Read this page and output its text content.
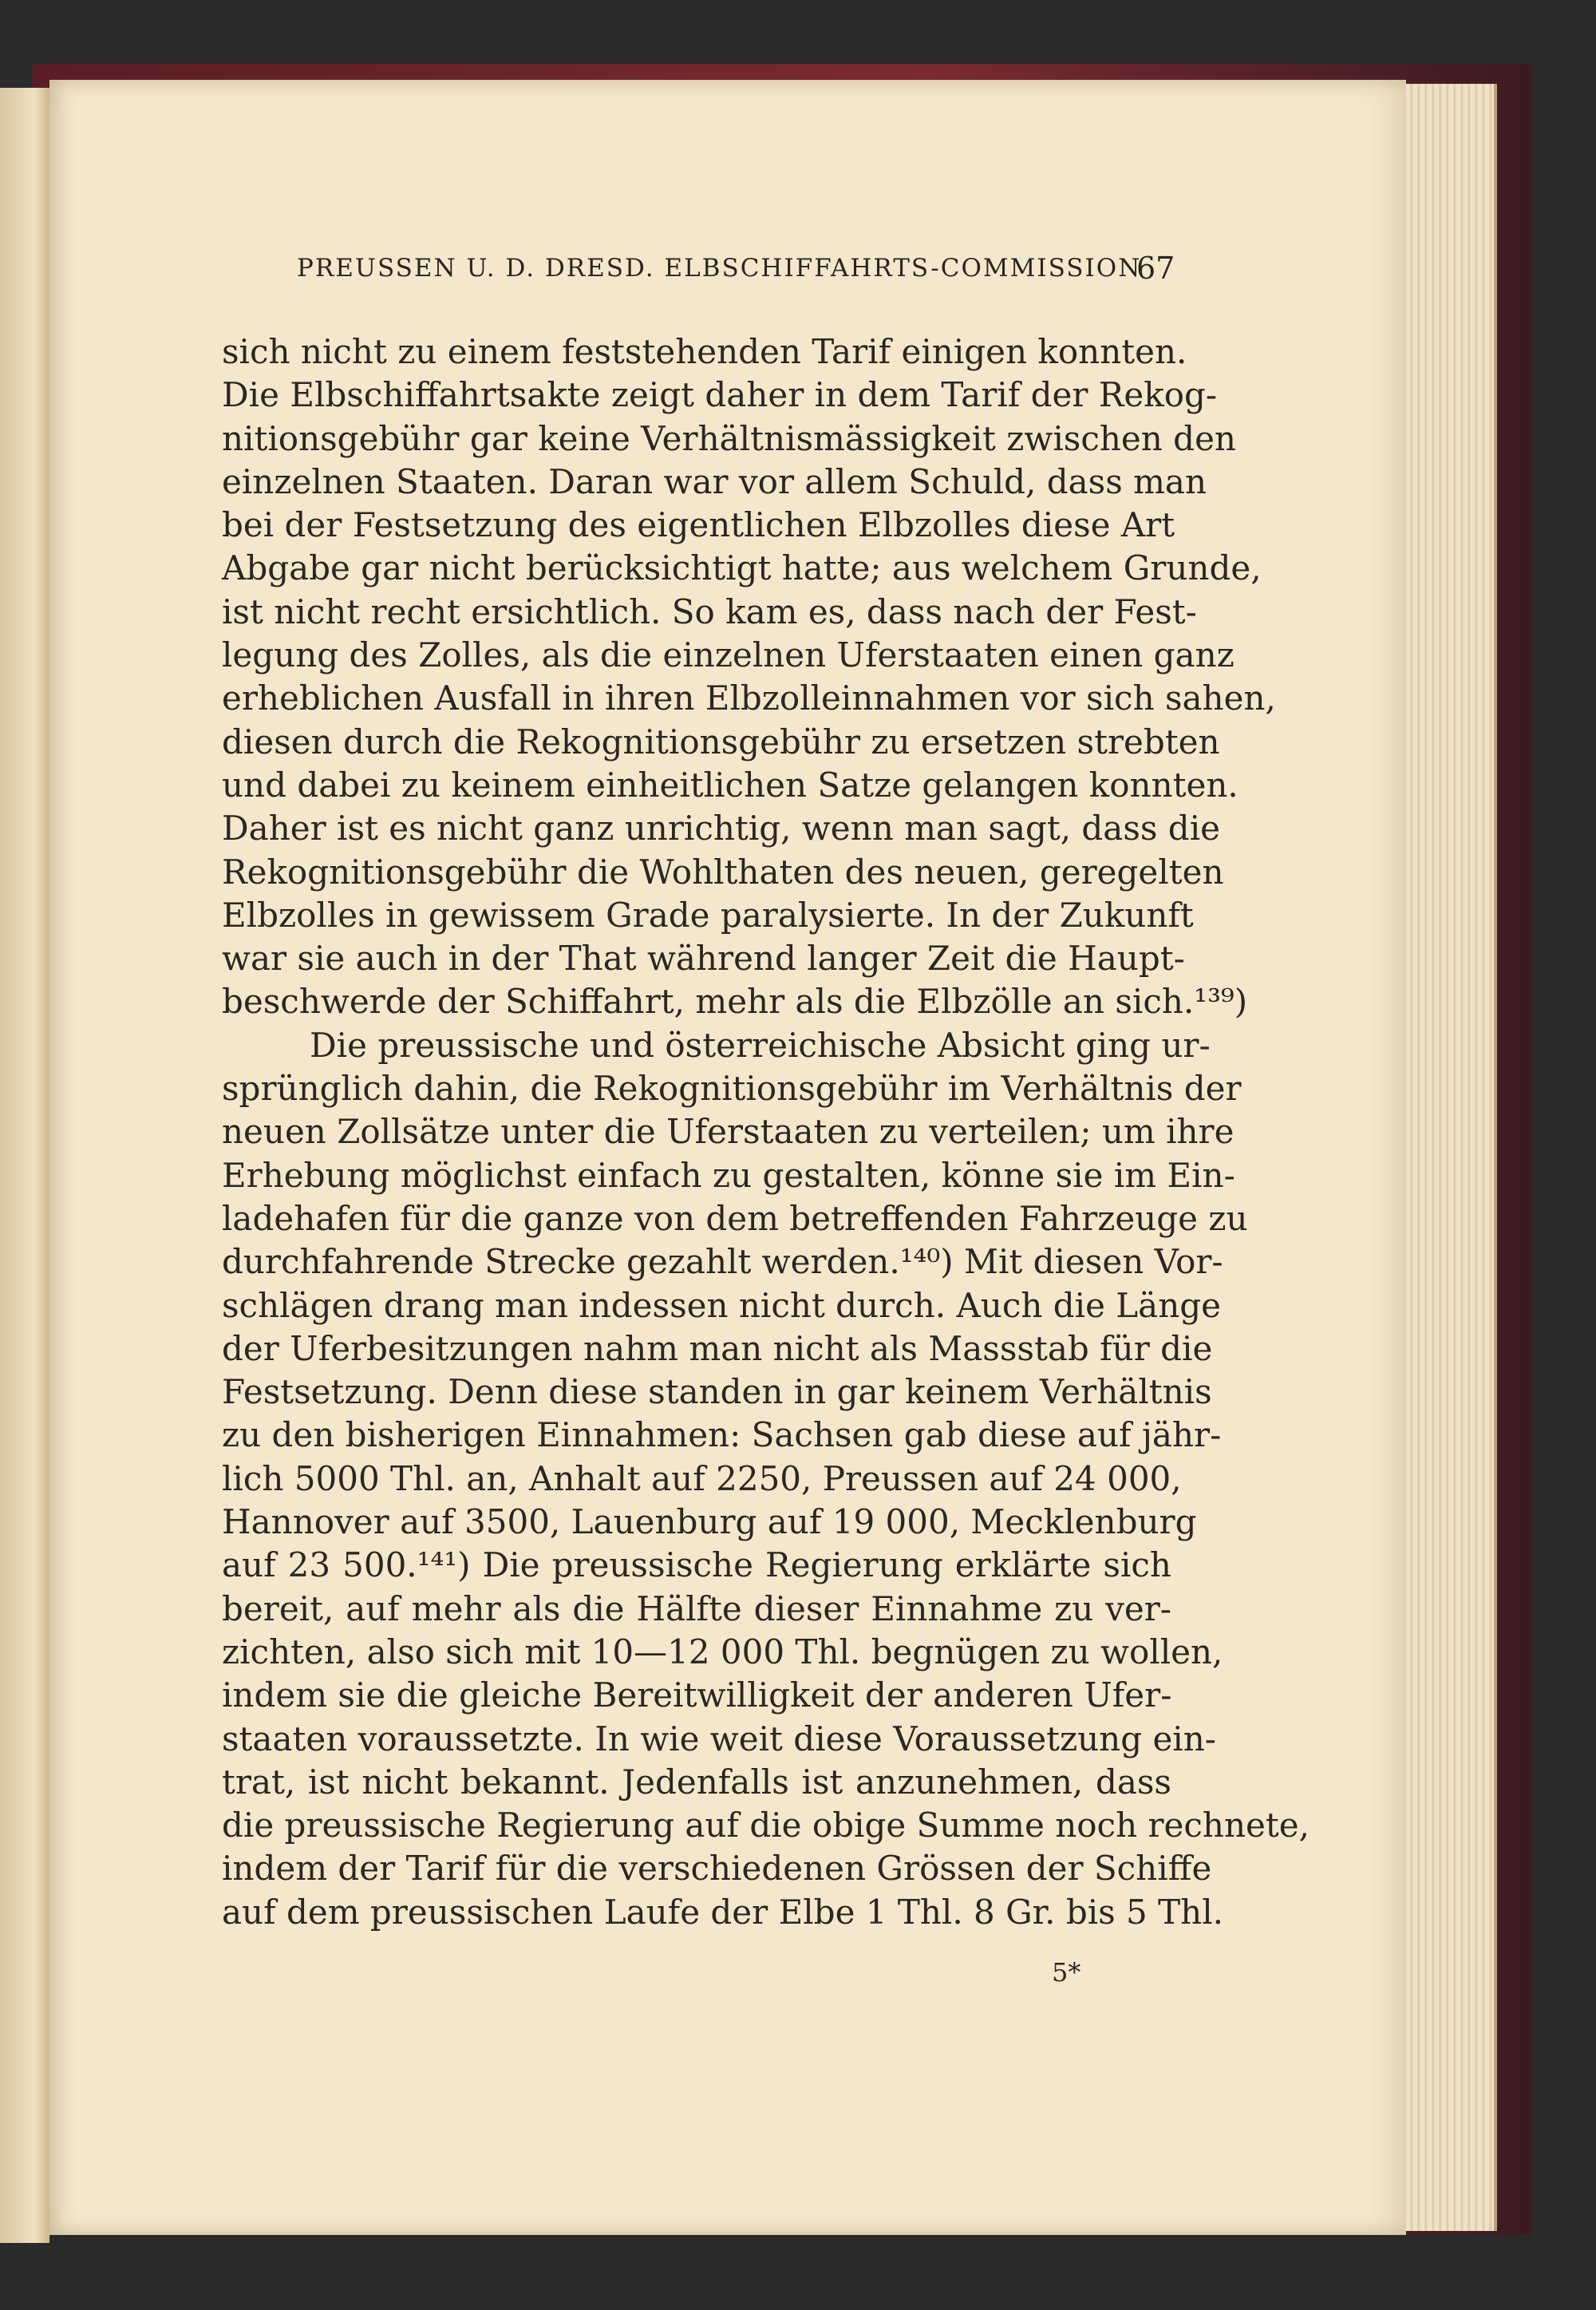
PREUSSEN U. D. DRESD. ELBSCHIFFAHRTS-COMMISSION
67
sich nicht zu einem feststehenden Tarif einigen konnten.
Die Elbschiffahrtsakte zeigt daher in dem Tarif der Rekog-
nitionsgebühr gar keine Verhältnismässigkeit zwischen den
einzelnen Staaten. Daran war vor allem Schuld, dass man
bei der Festsetzung des eigentlichen Elbzolles diese Art
Abgabe gar nicht berücksichtigt hatte; aus welchem Grunde,
ist nicht recht ersichtlich. So kam es, dass nach der Fest-
legung des Zolles, als die einzelnen Uferstaaten einen ganz
erheblichen Ausfall in ihren Elbzolleinnahmen vor sich sahen,
diesen durch die Rekognitionsgebühr zu ersetzen strebten
und dabei zu keinem einheitlichen Satze gelangen konnten.
Daher ist es nicht ganz unrichtig, wenn man sagt, dass die
Rekognitionsgebühr die Wohlthaten des neuen, geregelten
Elbzolles in gewissem Grade paralysierte. In der Zukunft
war sie auch in der That während langer Zeit die Haupt-
beschwerde der Schiffahrt, mehr als die Elbzölle an sich.¹³⁹)
Die preussische und österreichische Absicht ging ur-
sprünglich dahin, die Rekognitionsgebühr im Verhältnis der
neuen Zollsätze unter die Uferstaaten zu verteilen; um ihre
Erhebung möglichst einfach zu gestalten, könne sie im Ein-
ladehafen für die ganze von dem betreffenden Fahrzeuge zu
durchfahrende Strecke gezahlt werden.¹⁴⁰) Mit diesen Vor-
schlägen drang man indessen nicht durch. Auch die Länge
der Uferbesitzungen nahm man nicht als Massstab für die
Festsetzung. Denn diese standen in gar keinem Verhältnis
zu den bisherigen Einnahmen: Sachsen gab diese auf jähr-
lich 5000 Thl. an, Anhalt auf 2250, Preussen auf 24 000,
Hannover auf 3500, Lauenburg auf 19 000, Mecklenburg
auf 23 500.¹⁴¹) Die preussische Regierung erklärte sich
bereit, auf mehr als die Hälfte dieser Einnahme zu ver-
zichten, also sich mit 10—12 000 Thl. begnügen zu wollen,
indem sie die gleiche Bereitwilligkeit der anderen Ufer-
staaten voraussetzte. In wie weit diese Voraussetzung ein-
trat, ist nicht bekannt. Jedenfalls ist anzunehmen, dass
die preussische Regierung auf die obige Summe noch rechnete,
indem der Tarif für die verschiedenen Grössen der Schiffe
auf dem preussischen Laufe der Elbe 1 Thl. 8 Gr. bis 5 Thl.
5*
